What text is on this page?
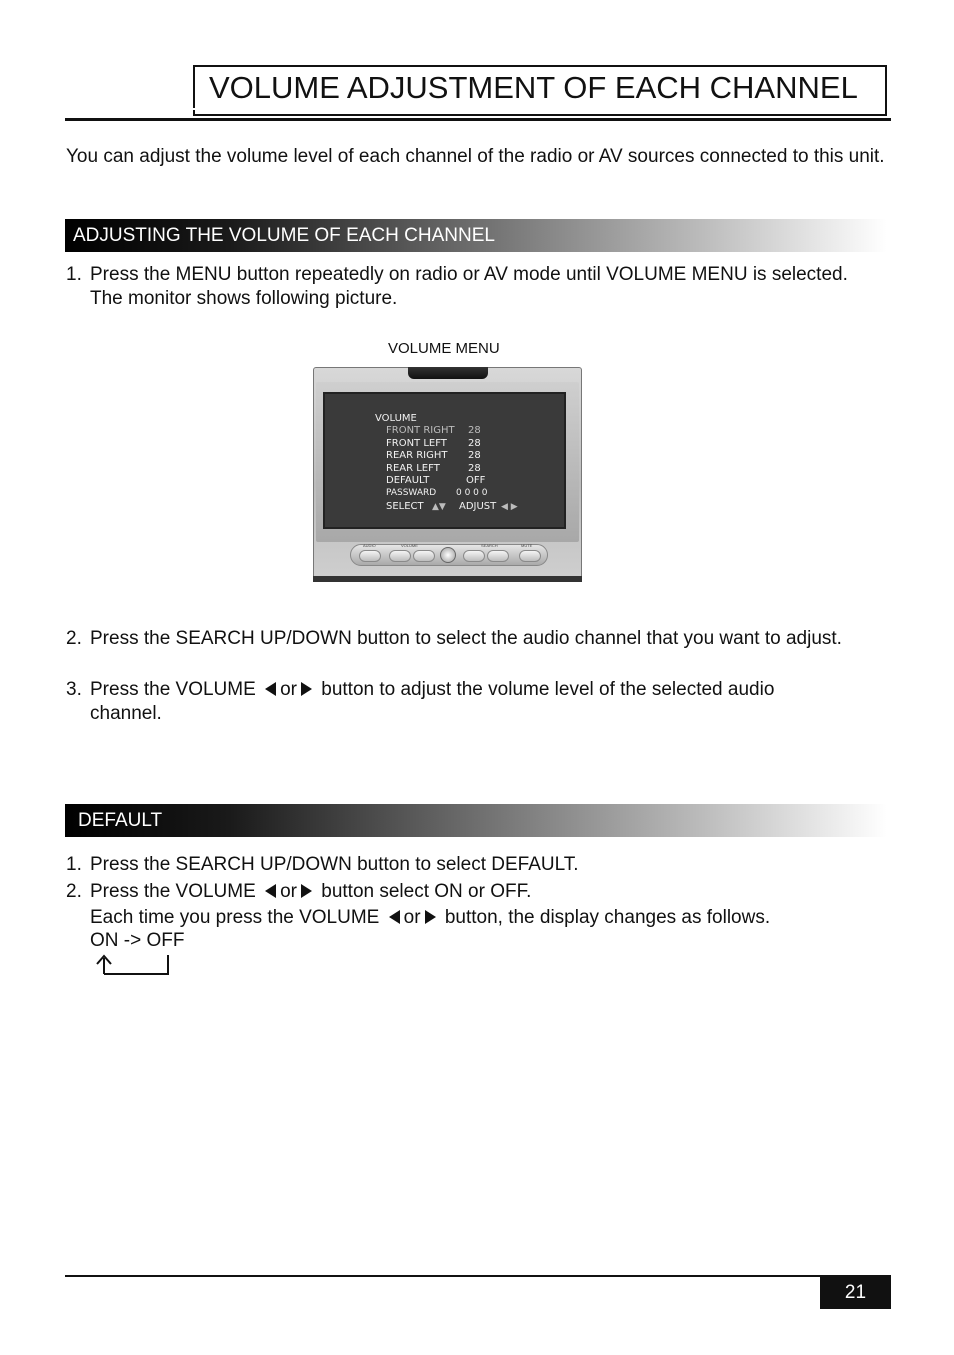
VOLUME ADJUSTMENT OF EACH CHANNEL
You can adjust the volume level of each channel of the radio or AV sources connected to this unit.
ADJUSTING THE VOLUME OF EACH CHANNEL
1. Press the MENU button repeatedly on radio or AV mode until VOLUME MENU is selected. The monitor shows following picture.
VOLUME MENU
VOLUME
FRONT RIGHT 28
FRONT LEFT 28
REAR RIGHT 28
REAR LEFT	28
DEFAULT	OFF
PASSWARD 0 0 0 0
SELECT ▲▼ ADJUST ◀ ▶
AUDIO	VOLUME	SEARCH	MUTE
2. Press the SEARCH UP/DOWN button to select the audio channel that you want to adjust.
3. Press the VOLUME or button to adjust the volume level of the selected audio channel.
DEFAULT
1. Press the SEARCH UP/DOWN button to select DEFAULT.
2. Press the VOLUME or button select ON or OFF.
Each time you press the VOLUME or button, the display changes as follows.
ON -> OFF
21
